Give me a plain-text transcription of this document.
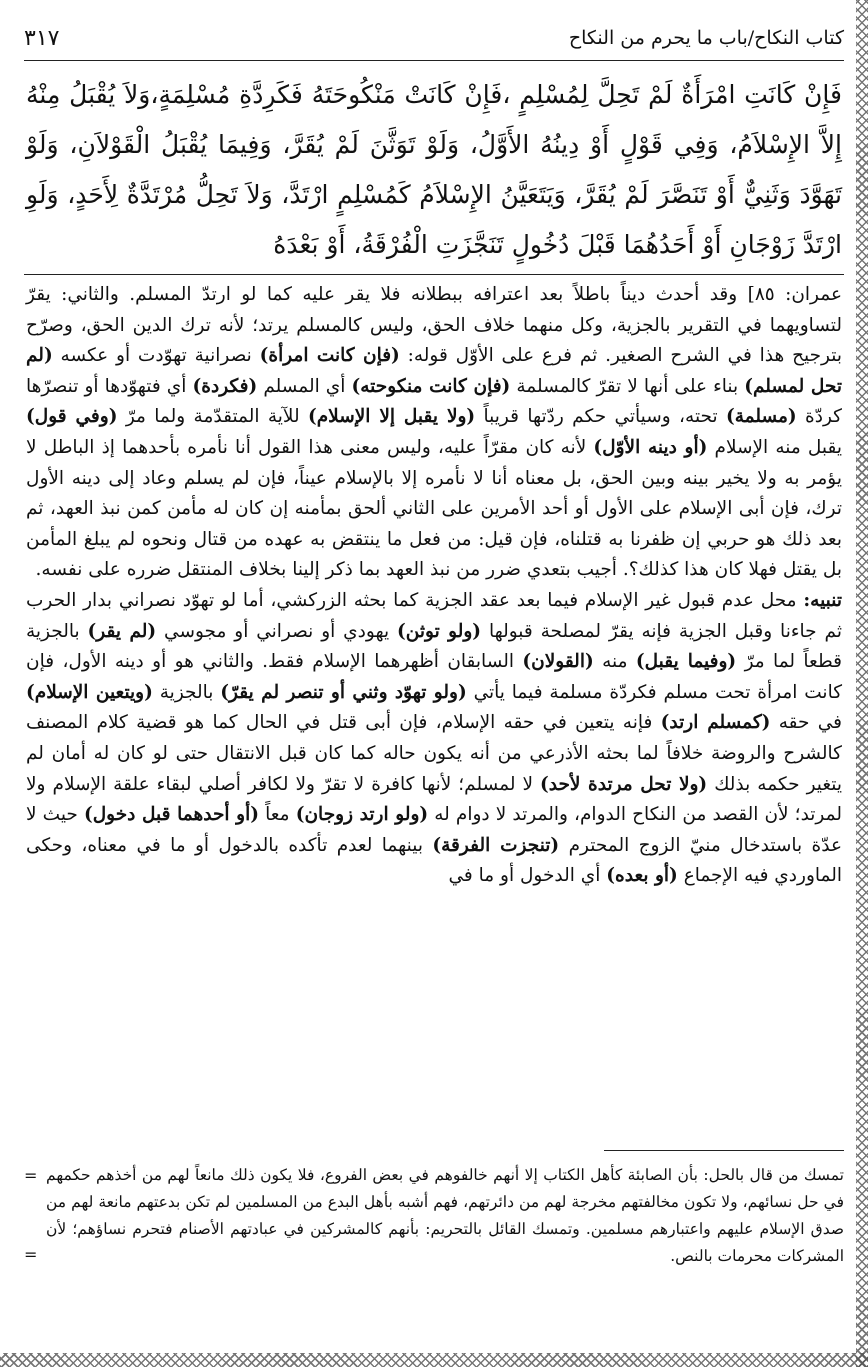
كتاب النكاح/باب ما يحرم من النكاح
٣١٧
فَإِنْ كَانَتِ امْرَأَةٌ لَمْ تَحِلَّ لِمُسْلِمٍ ،فَإِنْ كَانَتْ مَنْكُوحَتَهُ فَكَرِدَّةِ مُسْلِمَةٍ،وَلاَ يُقْبَلُ مِنْهُ إِلاَّ الإِسْلاَمُ، وَفِي قَوْلٍ أَوْ دِينُهُ الأَوَّلُ، وَلَوْ تَوَثَّنَ لَمْ يُقَرَّ، وَفِيمَا يُقْبَلُ الْقَوْلاَنِ، وَلَوْ تَهَوَّدَ وَثَنِيٌّ أَوْ تَنَصَّرَ لَمْ يُقَرَّ، وَيَتَعَيَّنُ الإِسْلاَمُ كَمُسْلِمٍ ارْتَدَّ، وَلاَ تَحِلُّ مُرْتَدَّةٌ لِأَحَدٍ، وَلَوِ ارْتَدَّ زَوْجَانِ أَوْ أَحَدُهُمَا قَبْلَ دُخُولٍ تَنَجَّزَتِ الْفُرْقَةُ، أَوْ بَعْدَهُ

عمران: ٨٥] وقد أحدث ديناً باطلاً بعد اعترافه ببطلانه فلا يقر عليه كما لو ارتدّ المسلم. والثاني: يقرّ لتساويهما في التقرير بالجزية، وكل منهما خلاف الحق، وليس كالمسلم يرتد؛ لأنه ترك الدين الحق، وصرّح بترجيح هذا في الشرح الصغير. ثم فرع على الأوّل قوله: (فإن كانت امرأة) نصرانية تهوّدت أو عكسه (لم تحل لمسلم) بناء على أنها لا تقرّ كالمسلمة (فإن كانت منكوحته) أي المسلم (فكردة) أي فتهوّدها أو تنصرّها كردّة (مسلمة) تحته، وسيأتي حكم ردّتها قريباً (ولا يقبل إلا الإسلام) للآية المتقدّمة ولما مرّ (وفي قول) يقبل منه الإسلام (أو دينه الأوّل) لأنه كان مقرّاً عليه، وليس معنى هذا القول أنا نأمره بأحدهما إذ الباطل لا يؤمر به ولا يخير بينه وبين الحق، بل معناه أنا لا نأمره إلا بالإسلام عيناً، فإن لم يسلم وعاد إلى دينه الأول ترك، فإن أبى الإسلام على الأول أو أحد الأمرين على الثاني ألحق بمأمنه إن كان له مأمن كمن نبذ العهد، ثم بعد ذلك هو حربي إن ظفرنا به قتلناه، فإن قيل: من فعل ما ينتقض به عهده من قتال ونحوه لم يبلغ المأمن بل يقتل فهلا كان هذا كذلك؟. أجيب بتعدي ضرر من نبذ العهد بما ذكر إلينا بخلاف المنتقل ضرره على نفسه.

تنبيه: محل عدم قبول غير الإسلام فيما بعد عقد الجزية كما بحثه الزركشي، أما لو تهوّد نصراني بدار الحرب ثم جاءنا وقبل الجزية فإنه يقرّ لمصلحة قبولها (ولو توثن) يهودي أو نصراني أو مجوسي (لم يقر) بالجزية قطعاً لما مرّ (وفيما يقبل) منه (القولان) السابقان أظهرهما الإسلام فقط. والثاني هو أو دينه الأول، فإن كانت امرأة تحت مسلم فكردّة مسلمة فيما يأتي (ولو تهوّد وثني أو تنصر لم يقرّ) بالجزية (ويتعين الإسلام) في حقه (كمسلم ارتد) فإنه يتعين في حقه الإسلام، فإن أبى قتل في الحال كما هو قضية كلام المصنف كالشرح والروضة خلافاً لما بحثه الأذرعي من أنه يكون حاله كما كان قبل الانتقال حتى لو كان له أمان لم يتغير حكمه بذلك (ولا تحل مرتدة لأحد) لا لمسلم؛ لأنها كافرة لا تقرّ ولا لكافر أصلي لبقاء علقة الإسلام ولا لمرتد؛ لأن القصد من النكاح الدوام، والمرتد لا دوام له (ولو ارتد زوجان) معاً (أو أحدهما قبل دخول) حيث لا عدّة باستدخال منيّ الزوج المحترم (تنجزت الفرقة) بينهما لعدم تأكده بالدخول أو ما في معناه، وحكى الماوردي فيه الإجماع (أو بعده) أي الدخول أو ما في

= تمسك من قال بالحل: بأن الصابئة كأهل الكتاب إلا أنهم خالفوهم في بعض الفروع، فلا يكون ذلك مانعاً لهم من أخذهم حكمهم في حل نسائهم، ولا تكون مخالفتهم مخرجة لهم من دائرتهم، فهم أشبه بأهل البدع من المسلمين لم تكن بدعتهم مانعة لهم من صدق الإسلام عليهم واعتبارهم مسلمين. وتمسك القائل بالتحريم: بأنهم كالمشركين في عبادتهم الأصنام فتحرم نساؤهم؛ لأن المشركات محرمات بالنص.
=
